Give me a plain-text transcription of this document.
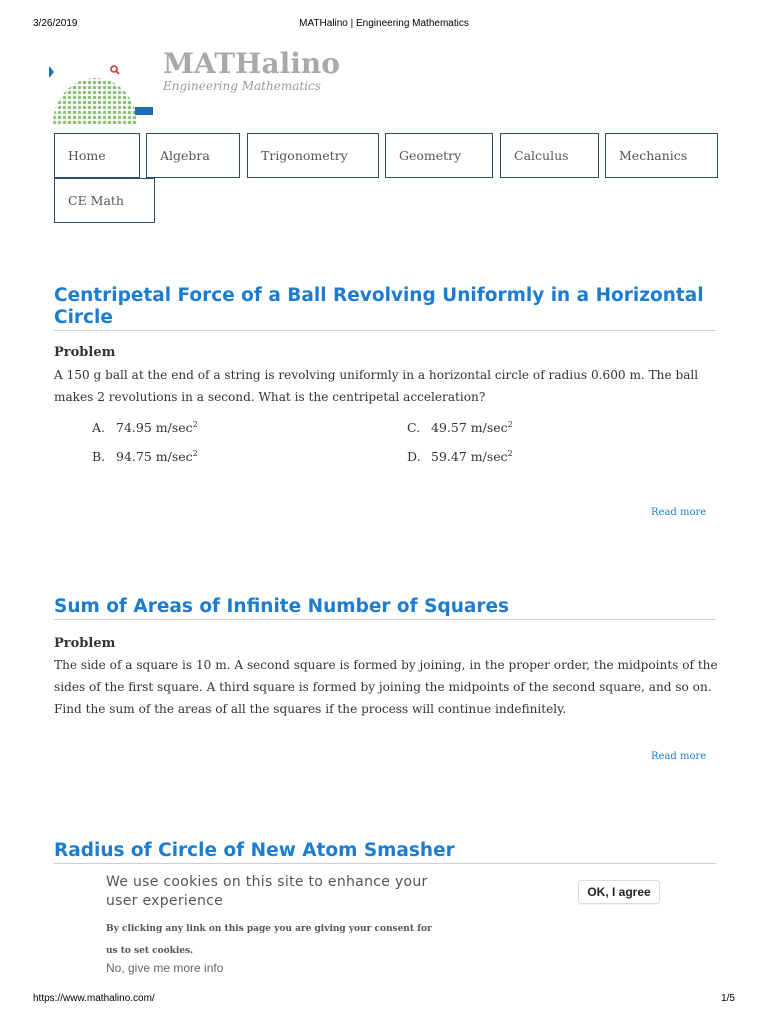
3/26/2019	MATHalino | Engineering Mathematics
MATHalino
Engineering Mathematics
Home	Algebra	Trigonometry	Geometry	Calculus	Mechanics
CE Math
Centripetal Force of a Ball Revolving Uniformly in a Horizontal Circle
Problem
A 150 g ball at the end of a string is revolving uniformly in a horizontal circle of radius 0.600 m. The ball makes 2 revolutions in a second. What is the centripetal acceleration?
A. 74.95 $m/\sec^2$
B. 94.75 $m/\sec^2$
C. 49.57 $m/\sec^2$
D. 59.47 $m/\sec^2$
Read more
Sum of Areas of Infinite Number of Squares
Problem
The side of a square is 10 m. A second square is formed by joining, in the proper order, the midpoints of the sides of the first square. A third square is formed by joining the midpoints of the second square, and so on. Find the sum of the areas of all the squares if the process will continue indefinitely.
Read more
Radius of Circle of New Atom Smasher
We use cookies on this site to enhance your user experience
By clicking any link on this page you are giving your consent for us to set cookies.
No, give me more info
OK, I agree
https://www.mathalino.com/	1/5
